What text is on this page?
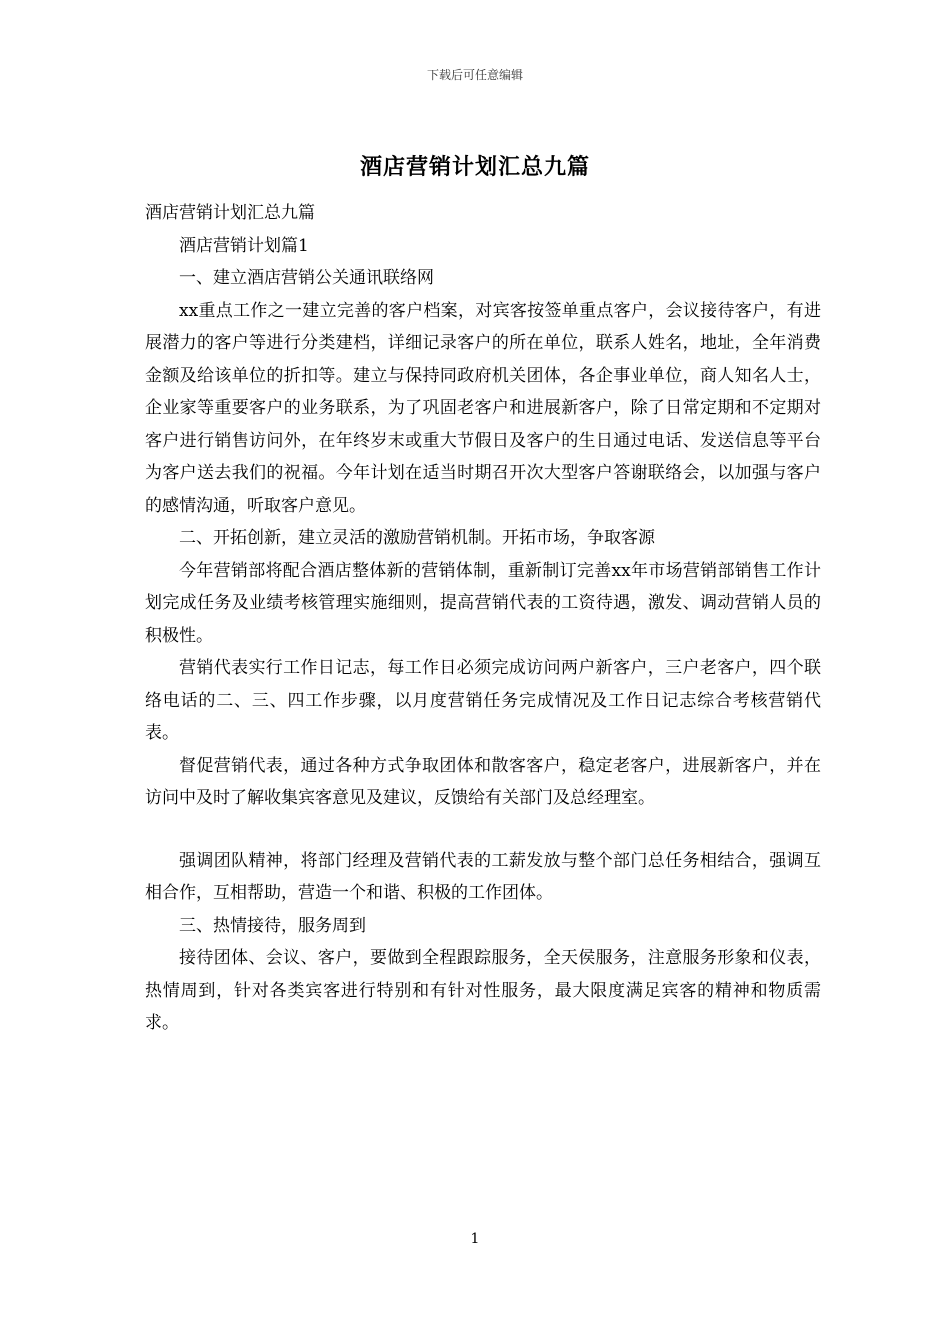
下载后可任意编辑
酒店营销计划汇总九篇

酒店营销计划汇总九篇

酒店营销计划篇1

一、建立酒店营销公关通讯联络网

xx重点工作之一建立完善的客户档案，对宾客按签单重点客户，会议接待客户，有进展潜力的客户等进行分类建档，详细记录客户的所在单位，联系人姓名，地址，全年消费金额及给该单位的折扣等。建立与保持同政府机关团体，各企事业单位，商人知名人士，企业家等重要客户的业务联系，为了巩固老客户和进展新客户，除了日常定期和不定期对客户进行销售访问外，在年终岁末或重大节假日及客户的生日通过电话、发送信息等平台为客户送去我们的祝福。今年计划在适当时期召开次大型客户答谢联络会，以加强与客户的感情沟通，听取客户意见。

二、开拓创新，建立灵活的激励营销机制。开拓市场，争取客源

今年营销部将配合酒店整体新的营销体制，重新制订完善xx年市场营销部销售工作计划完成任务及业绩考核管理实施细则，提高营销代表的工资待遇，激发、调动营销人员的积极性。

营销代表实行工作日记志，每工作日必须完成访问两户新客户，三户老客户，四个联络电话的二、三、四工作步骤，以月度营销任务完成情况及工作日记志综合考核营销代表。

督促营销代表，通过各种方式争取团体和散客客户，稳定老客户，进展新客户，并在访问中及时了解收集宾客意见及建议，反馈给有关部门及总经理室。

强调团队精神，将部门经理及营销代表的工薪发放与整个部门总任务相结合，强调互相合作，互相帮助，营造一个和谐、积极的工作团体。

三、热情接待，服务周到

接待团体、会议、客户，要做到全程跟踪服务，全天侯服务，注意服务形象和仪表，热情周到，针对各类宾客进行特别和有针对性服务，最大限度满足宾客的精神和物质需求。

1
